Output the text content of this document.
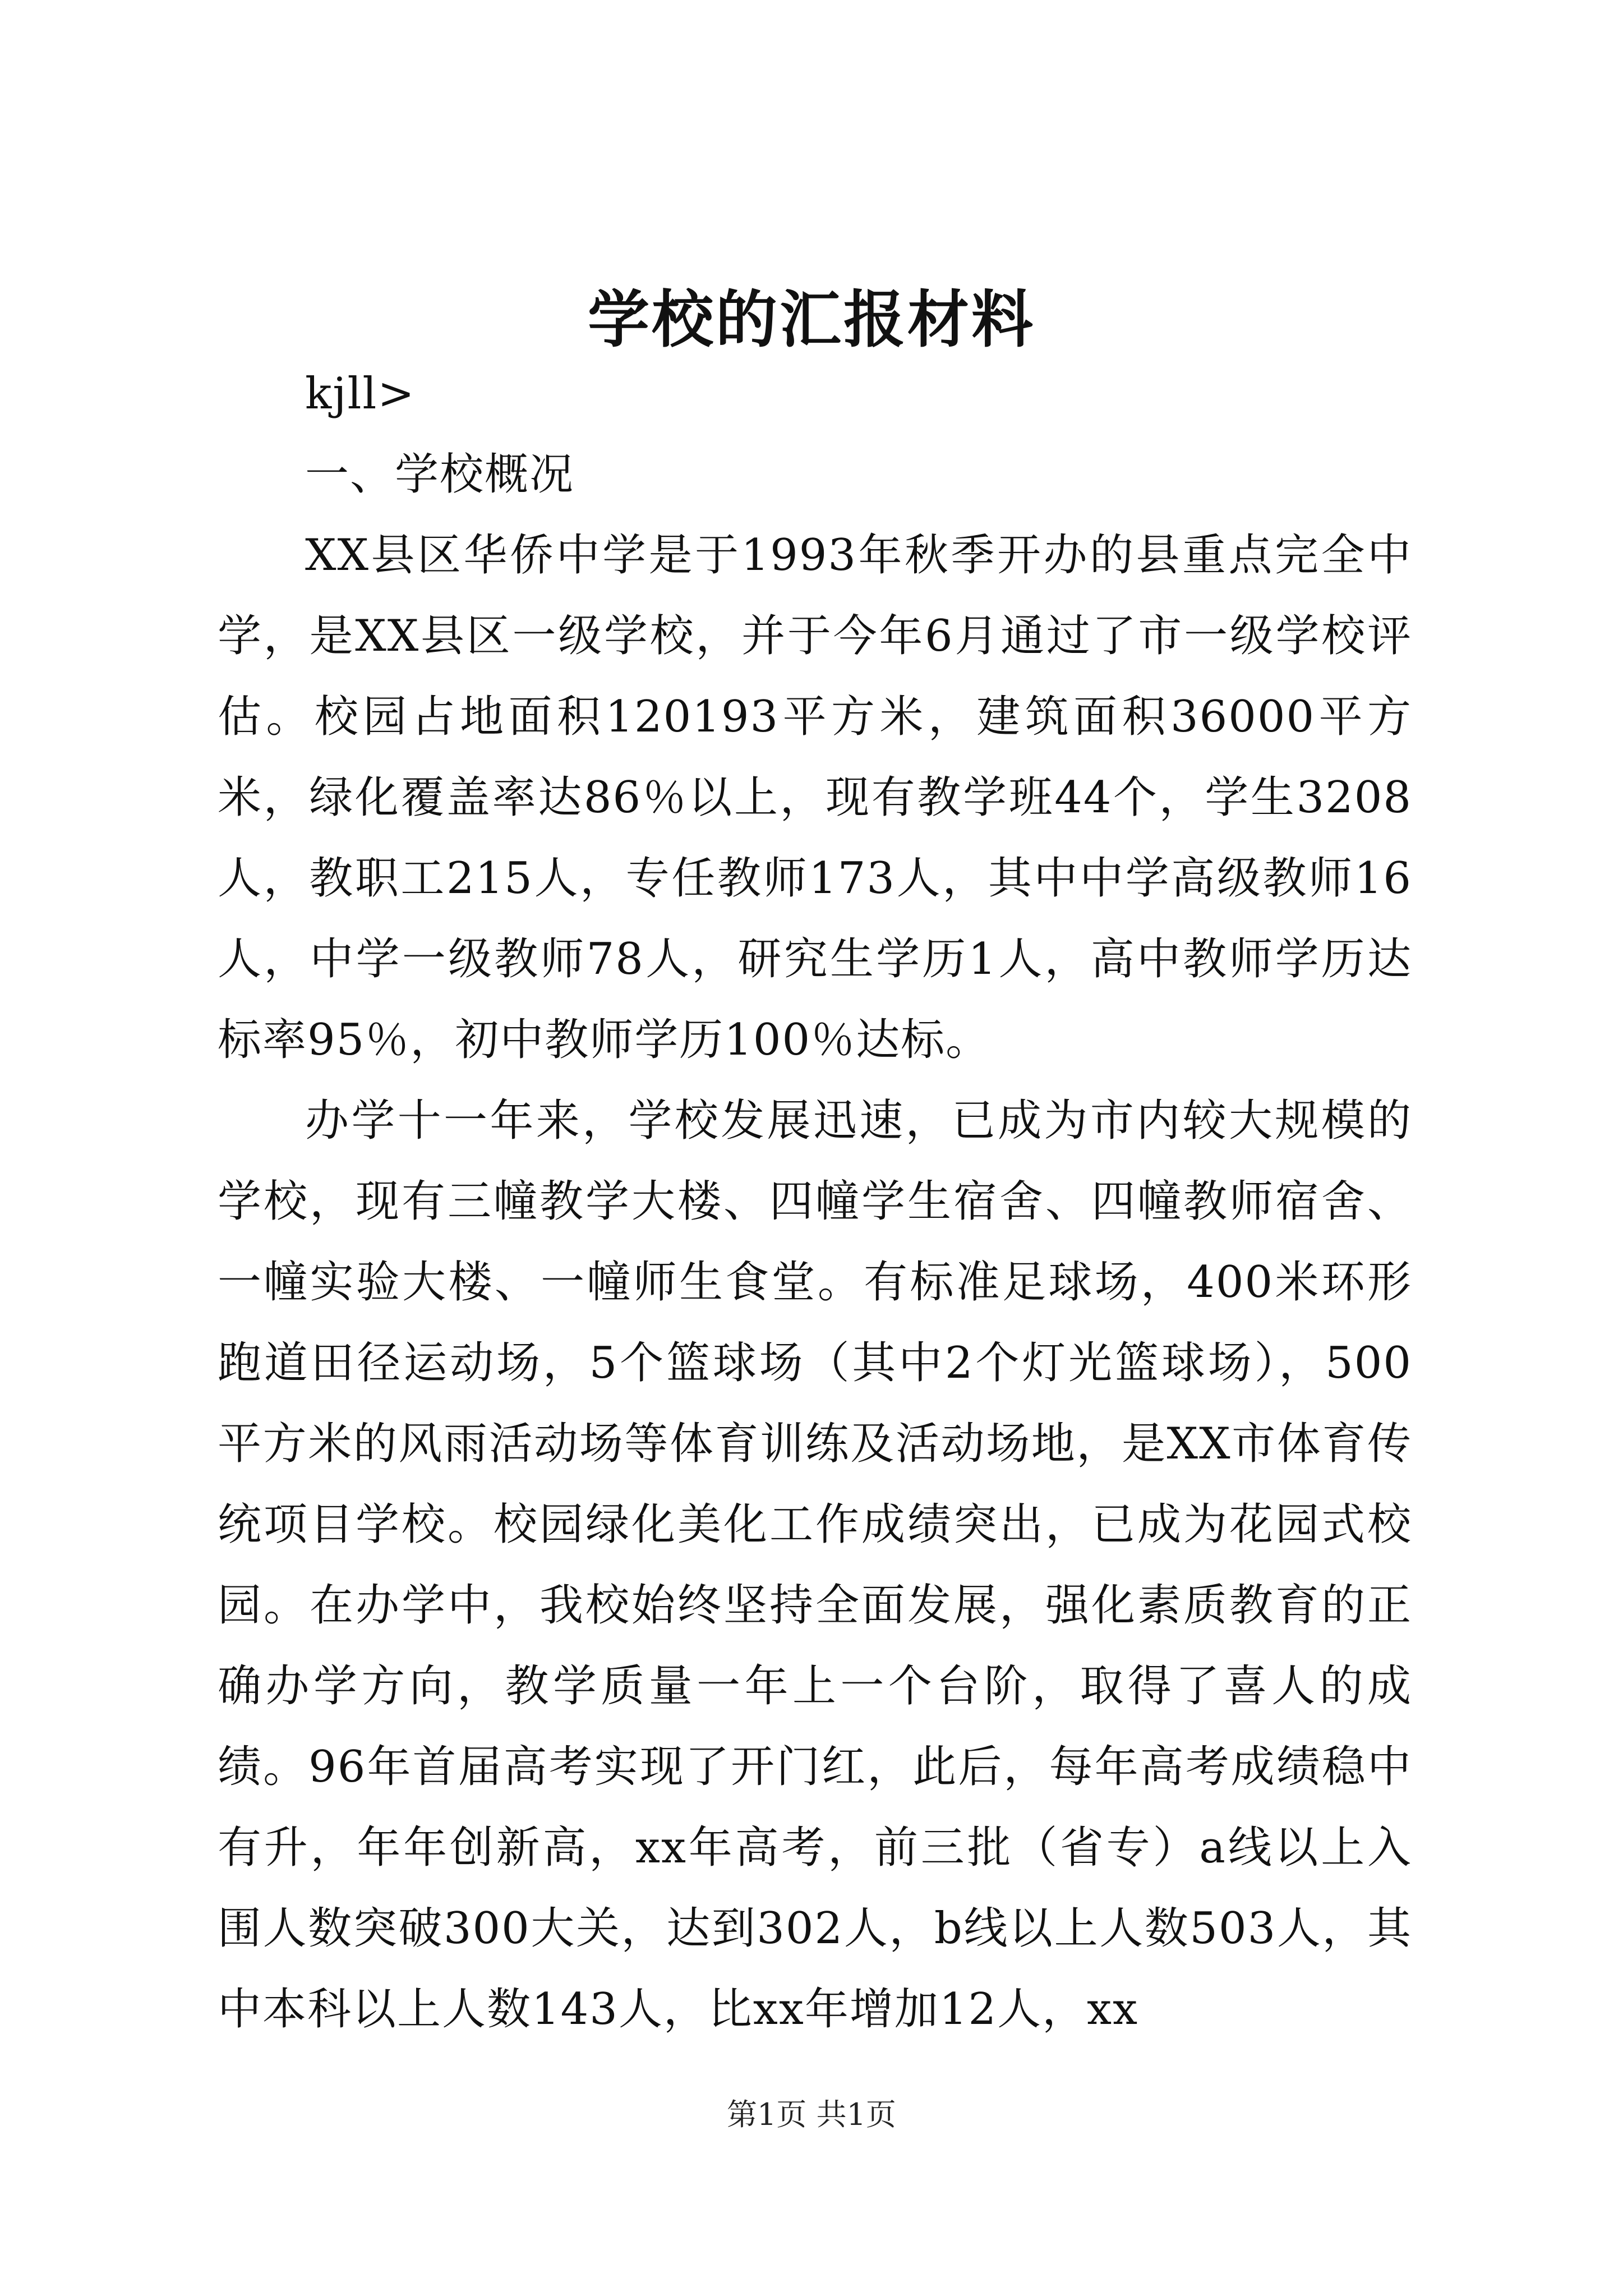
学校的汇报材料

kjll>

一、学校概况

XX县区华侨中学是于1993年秋季开办的县重点完全中学，是XX县区一级学校，并于今年6月通过了市一级学校评估。校园占地面积120193平方米，建筑面积36000平方米，绿化覆盖率达86％以上，现有教学班44个，学生3208人，教职工215人，专任教师173人，其中中学高级教师16人，中学一级教师78人，研究生学历1人，高中教师学历达标率95％，初中教师学历100％达标。

办学十一年来，学校发展迅速，已成为市内较大规模的学校，现有三幢教学大楼、四幢学生宿舍、四幢教师宿舍、一幢实验大楼、一幢师生食堂。有标准足球场，400米环形跑道田径运动场，5个篮球场（其中2个灯光篮球场），500平方米的风雨活动场等体育训练及活动场地，是XX市体育传统项目学校。校园绿化美化工作成绩突出，已成为花园式校园。在办学中，我校始终坚持全面发展，强化素质教育的正确办学方向，教学质量一年上一个台阶，取得了喜人的成绩。96年首届高考实现了开门红，此后，每年高考成绩稳中有升，年年创新高，xx年高考，前三批（省专）a线以上入围人数突破300大关，达到302人，b线以上人数503人，其中本科以上人数143人，比xx年增加12人，xx

第1页 共1页
